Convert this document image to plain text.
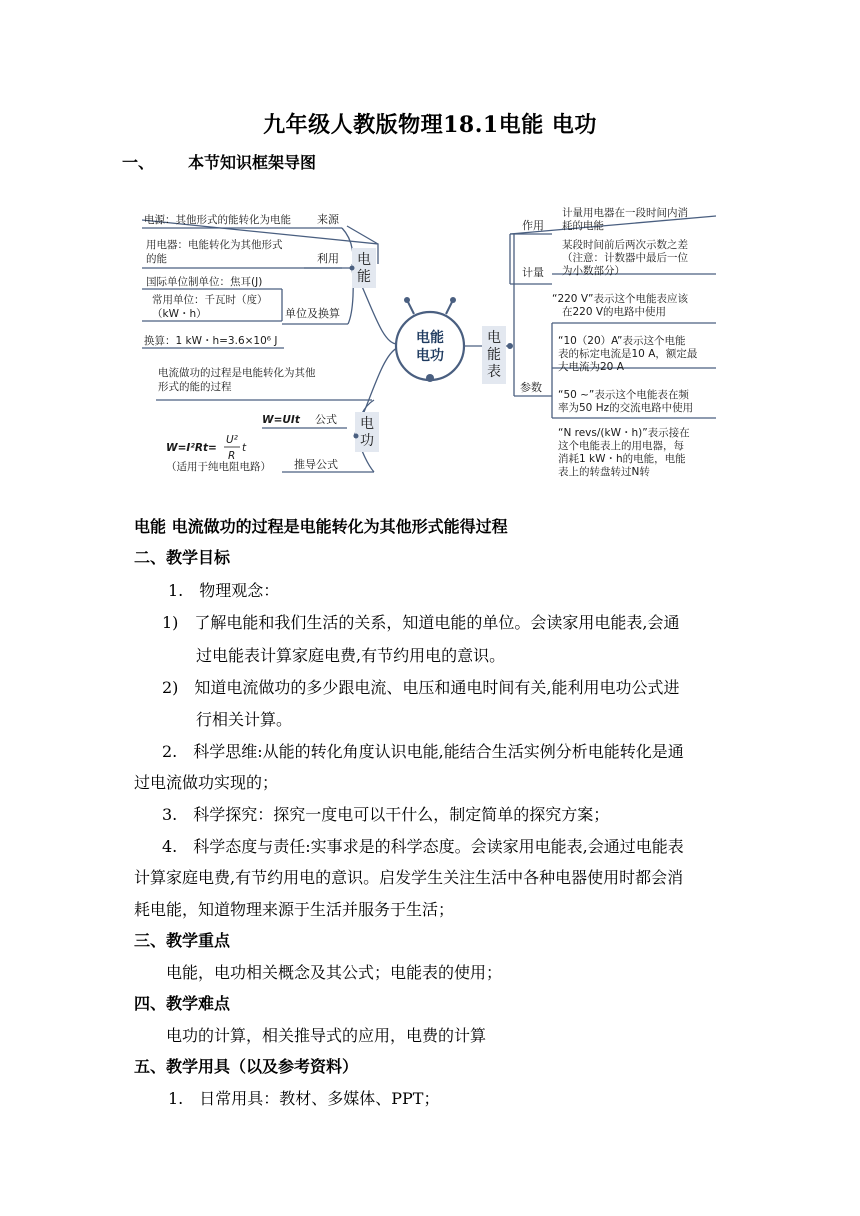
九年级人教版物理18.1电能 电功
一、 本节知识框架导图
电能
电功
电
能
电
功
电
能
表
来源
利用
单位及换算
公式
推导公式
作用
计量
参数
电源：其他形式的能转化为电能
用电器：电能转化为其他形式
的能
国际单位制单位：焦耳(J)
常用单位：千瓦时（度）
（kW・h）
换算：1 kW・h=3.6×10⁶ J
电流做功的过程是电能转化为其他
形式的能的过程
W=UIt
W=I²Rt=
U²
R
t
（适用于纯电阻电路）
计量用电器在一段时间内消
耗的电能
某段时间前后两次示数之差
（注意：计数器中最后一位
为小数部分）
“220 V”表示这个电能表应该
在220 V的电路中使用
“10（20）A”表示这个电能
表的标定电流是10 A，额定最
大电流为20 A
“50 ~”表示这个电能表在频
率为50 Hz的交流电路中使用
“N revs/(kW・h)”表示接在
这个电能表上的用电器，每
消耗1 kW・h的电能，电能
表上的转盘转过N转
电能 电流做功的过程是电能转化为其他形式能得过程
二、教学目标
1.　物理观念：
1)　了解电能和我们生活的关系，知道电能的单位。会读家用电能表,会通
过电能表计算家庭电费,有节约用电的意识。
2)　知道电流做功的多少跟电流、电压和通电时间有关,能利用电功公式进
行相关计算。
2.　科学思维:从能的转化角度认识电能,能结合生活实例分析电能转化是通
过电流做功实现的；
3.　科学探究：探究一度电可以干什么，制定简单的探究方案；
4.　科学态度与责任:实事求是的科学态度。会读家用电能表,会通过电能表
计算家庭电费,有节约用电的意识。启发学生关注生活中各种电器使用时都会消
耗电能，知道物理来源于生活并服务于生活；
三、教学重点
电能，电功相关概念及其公式；电能表的使用；
四、教学难点
电功的计算，相关推导式的应用，电费的计算
五、教学用具（以及参考资料）
1.　日常用具：教材、多媒体、PPT；
